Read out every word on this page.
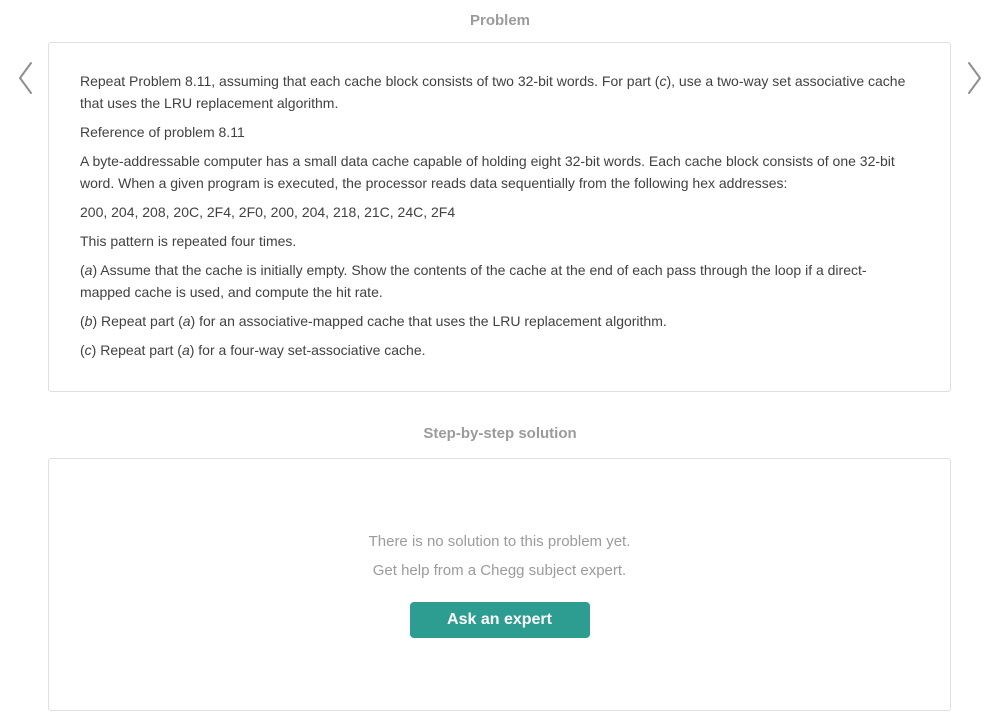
Problem

Repeat Problem 8.11, assuming that each cache block consists of two 32-bit words. For part (c), use a two-way set associative cache that uses the LRU replacement algorithm.

Reference of problem 8.11

A byte-addressable computer has a small data cache capable of holding eight 32-bit words. Each cache block consists of one 32-bit word. When a given program is executed, the processor reads data sequentially from the following hex addresses:

200, 204, 208, 20C, 2F4, 2F0, 200, 204, 218, 21C, 24C, 2F4

This pattern is repeated four times.

(a) Assume that the cache is initially empty. Show the contents of the cache at the end of each pass through the loop if a direct-mapped cache is used, and compute the hit rate.

(b) Repeat part (a) for an associative-mapped cache that uses the LRU replacement algorithm.

(c) Repeat part (a) for a four-way set-associative cache.

Step-by-step solution
There is no solution to this problem yet.
Get help from a Chegg subject expert.
Ask an expert
